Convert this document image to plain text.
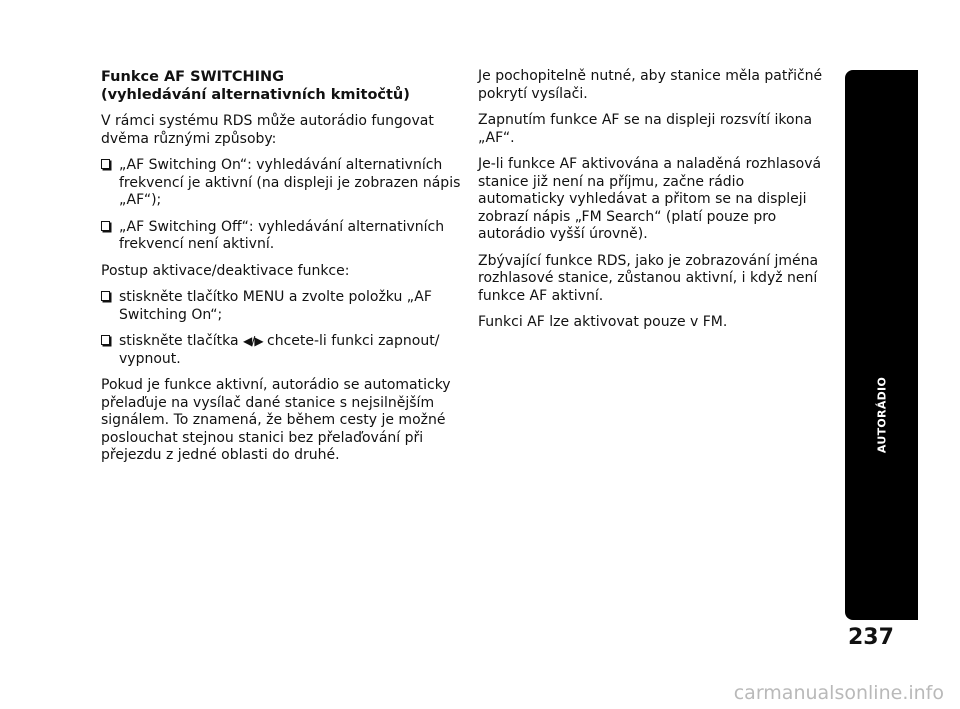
Funkce AF SWITCHING
(vyhledávání alternativních kmitočtů)

V rámci systému RDS může autorádio fungovat dvěma různými způsoby:

„AF Switching On“: vyhledávání alternativních frekvencí je aktivní (na displeji je zobrazen nápis „AF“);
„AF Switching Off“: vyhledávání alternativních frekvencí není aktivní.

Postup aktivace/deaktivace funkce:

stiskněte tlačítko MENU a zvolte položku „AF Switching On“;
stiskněte tlačítka ◀/▶ chcete-li funkci zapnout/ vypnout.

Pokud je funkce aktivní, autorádio se automaticky přelaďuje na vysílač dané stanice s nejsilnějším signálem. To znamená, že během cesty je možné poslouchat stejnou stanici bez přelaďování při přejezdu z jedné oblasti do druhé.

Je pochopitelně nutné, aby stanice měla patřičné pokrytí vysílači.

Zapnutím funkce AF se na displeji rozsvítí ikona „AF“.

Je-li funkce AF aktivována a naladěná rozhlasová stanice již není na příjmu, začne rádio automaticky vyhledávat a přitom se na displeji zobrazí nápis „FM Search“ (platí pouze pro autorádio vyšší úrovně).

Zbývající funkce RDS, jako je zobrazování jména rozhlasové stanice, zůstanou aktivní, i když není funkce AF aktivní.

Funkci AF lze aktivovat pouze v FM.

AUTORÁDIO
237
carmanualsonline.info
